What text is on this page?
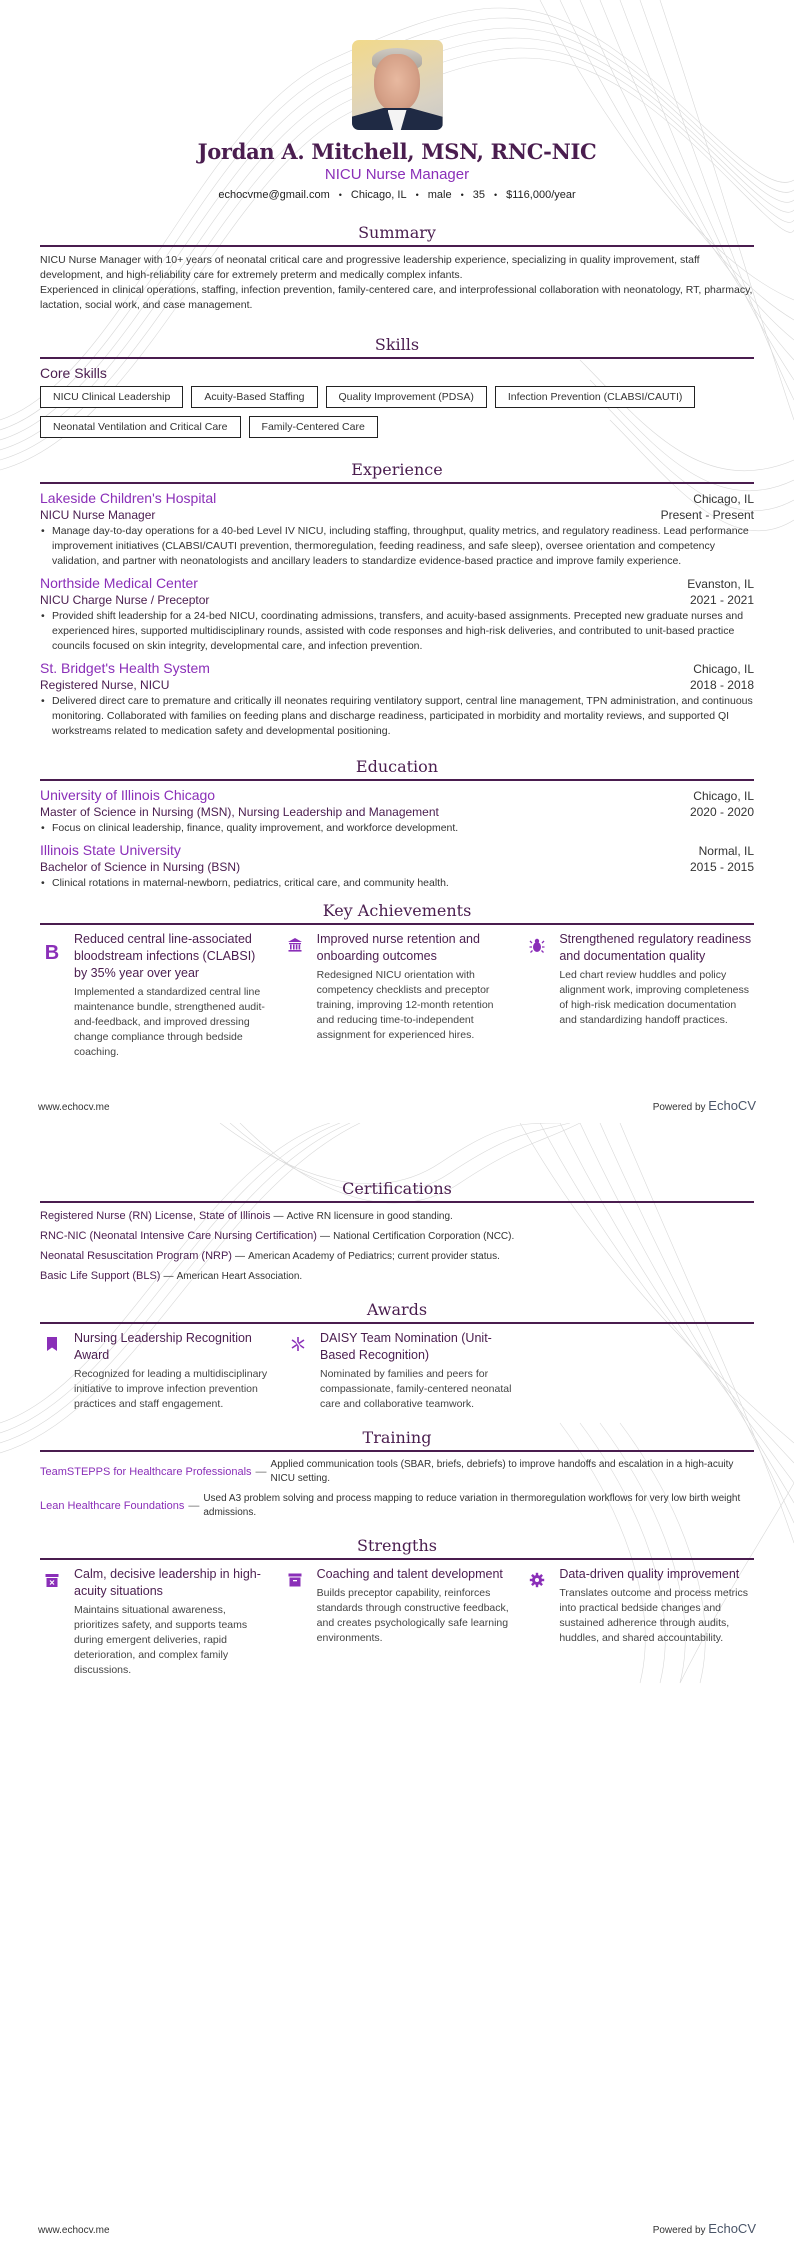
Jordan A. Mitchell, MSN, RNC-NIC
NICU Nurse Manager
echocvme@gmail.com • Chicago, IL • male • 35 • $116,000/year
Summary

NICU Nurse Manager with 10+ years of neonatal critical care and progressive leadership experience, specializing in quality improvement, staff development, and high-reliability care for extremely preterm and medically complex infants.

Experienced in clinical operations, staffing, infection prevention, family-centered care, and interprofessional collaboration with neonatology, RT, pharmacy, lactation, social work, and case management.

Skills
Core Skills
NICU Clinical Leadership	Acuity-Based Staffing	Quality Improvement (PDSA)	Infection Prevention (CLABSI/CAUTI)
Neonatal Ventilation and Critical Care	Family-Centered Care
Experience
Lakeside Children's Hospital	Chicago, IL
NICU Nurse Manager	Present - Present
• Manage day-to-day operations for a 40-bed Level IV NICU, including staffing, throughput, quality metrics, and regulatory readiness. Lead performance improvement initiatives (CLABSI/CAUTI prevention, thermoregulation, feeding readiness, and safe sleep), oversee orientation and competency validation, and partner with neonatologists and ancillary leaders to standardize evidence-based practice and improve family experience.
Northside Medical Center	Evanston, IL
NICU Charge Nurse / Preceptor	2021 - 2021
• Provided shift leadership for a 24-bed NICU, coordinating admissions, transfers, and acuity-based assignments. Precepted new graduate nurses and experienced hires, supported multidisciplinary rounds, assisted with code responses and high-risk deliveries, and contributed to unit-based practice councils focused on skin integrity, developmental care, and infection prevention.
St. Bridget's Health System	Chicago, IL
Registered Nurse, NICU	2018 - 2018
• Delivered direct care to premature and critically ill neonates requiring ventilatory support, central line management, TPN administration, and continuous monitoring. Collaborated with families on feeding plans and discharge readiness, participated in morbidity and mortality reviews, and supported QI workstreams related to medication safety and developmental positioning.
Education
University of Illinois Chicago	Chicago, IL
Master of Science in Nursing (MSN), Nursing Leadership and Management	2020 - 2020
• Focus on clinical leadership, finance, quality improvement, and workforce development.
Illinois State University	Normal, IL
Bachelor of Science in Nursing (BSN)	2015 - 2015
• Clinical rotations in maternal-newborn, pediatrics, critical care, and community health.
Key Achievements
B
Reduced central line-associated bloodstream infections (CLABSI) by 35% year over year
Implemented a standardized central line maintenance bundle, strengthened audit-and-feedback, and improved dressing change compliance through bedside coaching.
Improved nurse retention and onboarding outcomes
Redesigned NICU orientation with competency checklists and preceptor training, improving 12-month retention and reducing time-to-independent assignment for experienced hires.
Strengthened regulatory readiness and documentation quality
Led chart review huddles and policy alignment work, improving completeness of high-risk medication documentation and standardizing handoff practices.
www.echocv.me	Powered by EchoCV
Certifications
Registered Nurse (RN) License, State of Illinois — Active RN licensure in good standing.
RNC-NIC (Neonatal Intensive Care Nursing Certification) — National Certification Corporation (NCC).
Neonatal Resuscitation Program (NRP) — American Academy of Pediatrics; current provider status.
Basic Life Support (BLS) — American Heart Association.
Awards
Nursing Leadership Recognition Award
Recognized for leading a multidisciplinary initiative to improve infection prevention practices and staff engagement.
DAISY Team Nomination (Unit-Based Recognition)
Nominated by families and peers for compassionate, family-centered neonatal care and collaborative teamwork.
Training
TeamSTEPPS for Healthcare Professionals —
Applied communication tools (SBAR, briefs, debriefs) to improve handoffs and escalation in a high-acuity NICU setting.
Lean Healthcare Foundations —
Used A3 problem solving and process mapping to reduce variation in thermoregulation workflows for very low birth weight admissions.
Strengths
Calm, decisive leadership in high-acuity situations
Maintains situational awareness, prioritizes safety, and supports teams during emergent deliveries, rapid deterioration, and complex family discussions.
Coaching and talent development
Builds preceptor capability, reinforces standards through constructive feedback, and creates psychologically safe learning environments.
Data-driven quality improvement
Translates outcome and process metrics into practical bedside changes and sustained adherence through audits, huddles, and shared accountability.
www.echocv.me	Powered by EchoCV
